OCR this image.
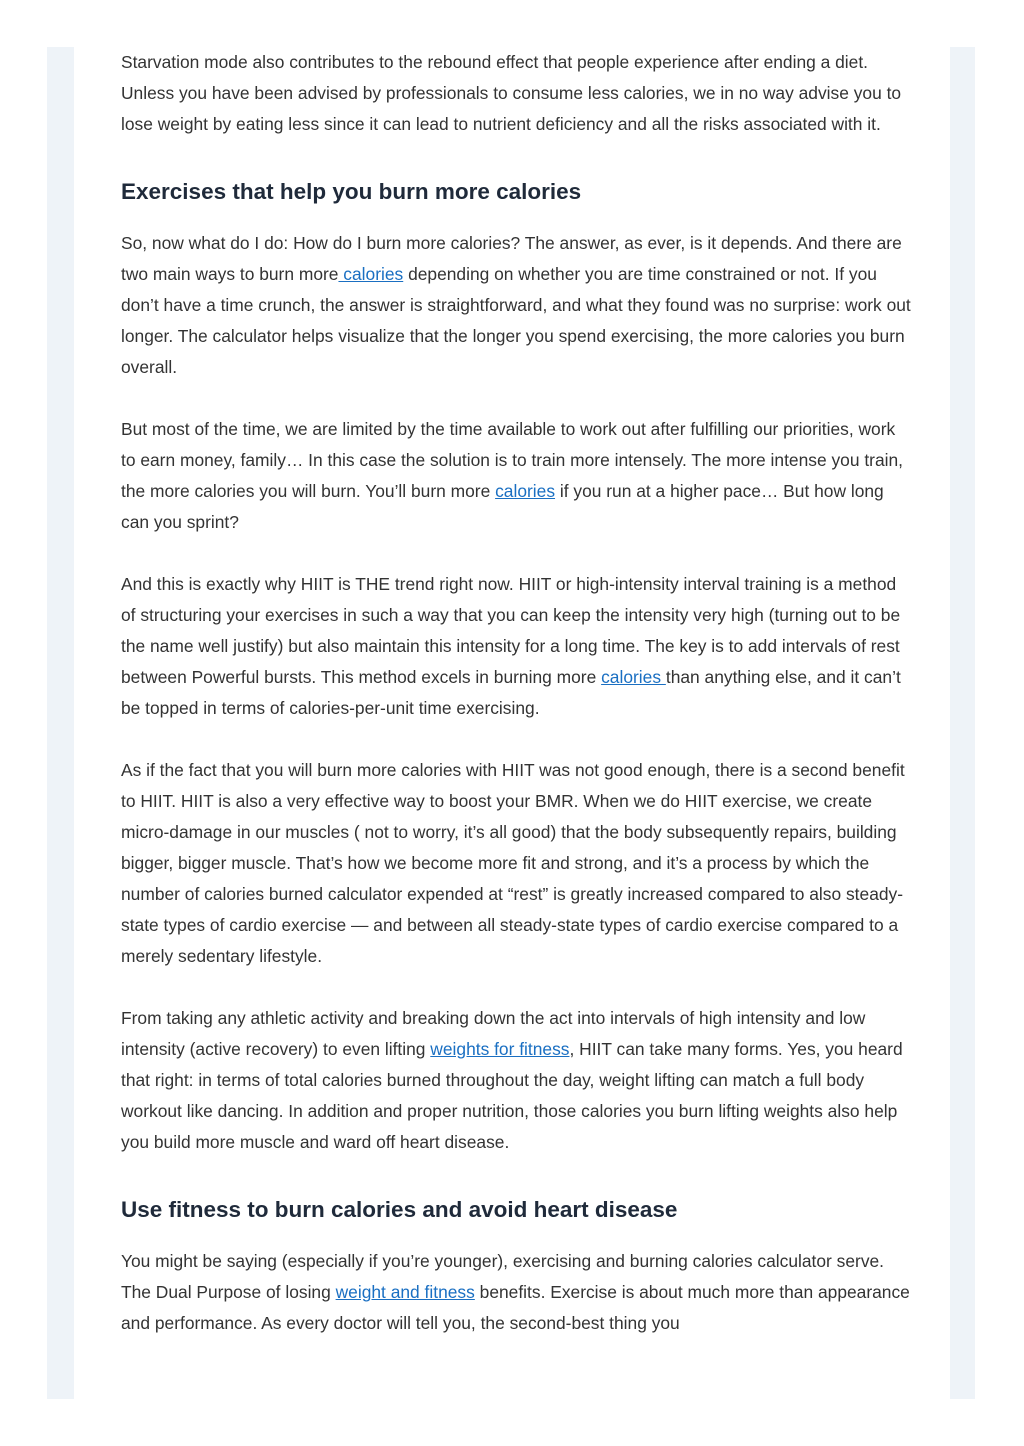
Starvation mode also contributes to the rebound effect that people experience after ending a diet. Unless you have been advised by professionals to consume less calories, we in no way advise you to lose weight by eating less since it can lead to nutrient deficiency and all the risks associated with it.

Exercises that help you burn more calories

So, now what do I do: How do I burn more calories? The answer, as ever, is it depends. And there are two main ways to burn more calories depending on whether you are time constrained or not. If you don’t have a time crunch, the answer is straightforward, and what they found was no surprise: work out longer. The calculator helps visualize that the longer you spend exercising, the more calories you burn overall.

But most of the time, we are limited by the time available to work out after fulfilling our priorities, work to earn money, family… In this case the solution is to train more intensely. The more intense you train, the more calories you will burn. You’ll burn more calories if you run at a higher pace… But how long can you sprint?

And this is exactly why HIIT is THE trend right now. HIIT or high-intensity interval training is a method of structuring your exercises in such a way that you can keep the intensity very high (turning out to be the name well justify) but also maintain this intensity for a long time. The key is to add intervals of rest between Powerful bursts. This method excels in burning more calories than anything else, and it can’t be topped in terms of calories-per-unit time exercising.

As if the fact that you will burn more calories with HIIT was not good enough, there is a second benefit to HIIT. HIIT is also a very effective way to boost your BMR. When we do HIIT exercise, we create micro-damage in our muscles ( not to worry, it’s all good) that the body subsequently repairs, building bigger, bigger muscle. That’s how we become more fit and strong, and it’s a process by which the number of calories burned calculator expended at “rest” is greatly increased compared to also steady-state types of cardio exercise — and between all steady-state types of cardio exercise compared to a merely sedentary lifestyle.

From taking any athletic activity and breaking down the act into intervals of high intensity and low intensity (active recovery) to even lifting weights for fitness, HIIT can take many forms. Yes, you heard that right: in terms of total calories burned throughout the day, weight lifting can match a full body workout like dancing. In addition and proper nutrition, those calories you burn lifting weights also help you build more muscle and ward off heart disease.

Use fitness to burn calories and avoid heart disease

You might be saying (especially if you’re younger), exercising and burning calories calculator serve. The Dual Purpose of losing weight and fitness benefits. Exercise is about much more than appearance and performance. As every doctor will tell you, the second-best thing you
